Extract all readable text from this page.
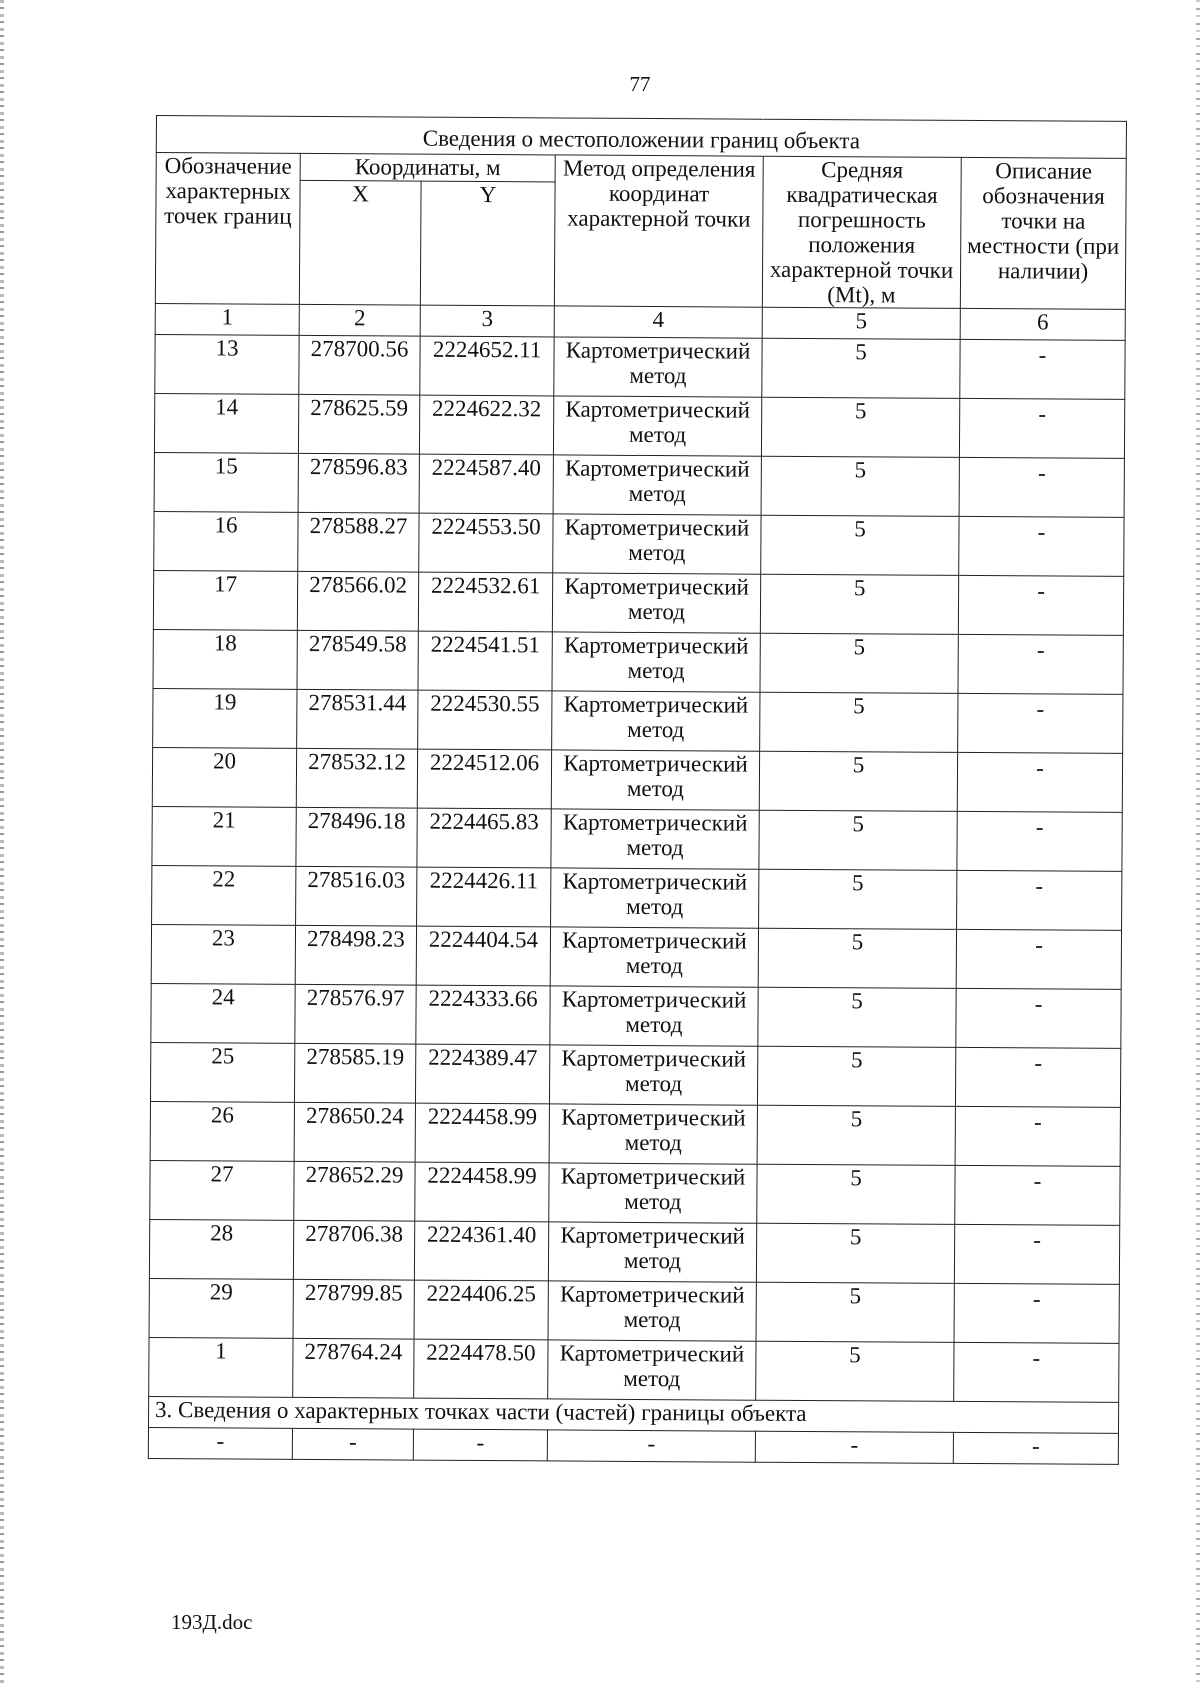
77
Сведения о местоположении границ объекта					
Обозначение характерных точек границ	Координаты, м		Метод определения координат характерной точки	Средняя квадратическая погрешность положения характерной точки (Mt), м	Описание обозначения точки на местности (при наличии)
	X	Y			
1	2	3	4	5	6
13	278700.56	2224652.11	Картометрический метод	5	-
14	278625.59	2224622.32	Картометрический метод	5	-
15	278596.83	2224587.40	Картометрический метод	5	-
16	278588.27	2224553.50	Картометрический метод	5	-
17	278566.02	2224532.61	Картометрический метод	5	-
18	278549.58	2224541.51	Картометрический метод	5	-
19	278531.44	2224530.55	Картометрический метод	5	-
20	278532.12	2224512.06	Картометрический метод	5	-
21	278496.18	2224465.83	Картометрический метод	5	-
22	278516.03	2224426.11	Картометрический метод	5	-
23	278498.23	2224404.54	Картометрический метод	5	-
24	278576.97	2224333.66	Картометрический метод	5	-
25	278585.19	2224389.47	Картометрический метод	5	-
26	278650.24	2224458.99	Картометрический метод	5	-
27	278652.29	2224458.99	Картометрический метод	5	-
28	278706.38	2224361.40	Картометрический метод	5	-
29	278799.85	2224406.25	Картометрический метод	5	-
1	278764.24	2224478.50	Картометрический метод	5	-
3. Сведения о характерных точках части (частей) границы объекта					
-	-	-	-	-	-
193Д.doc
